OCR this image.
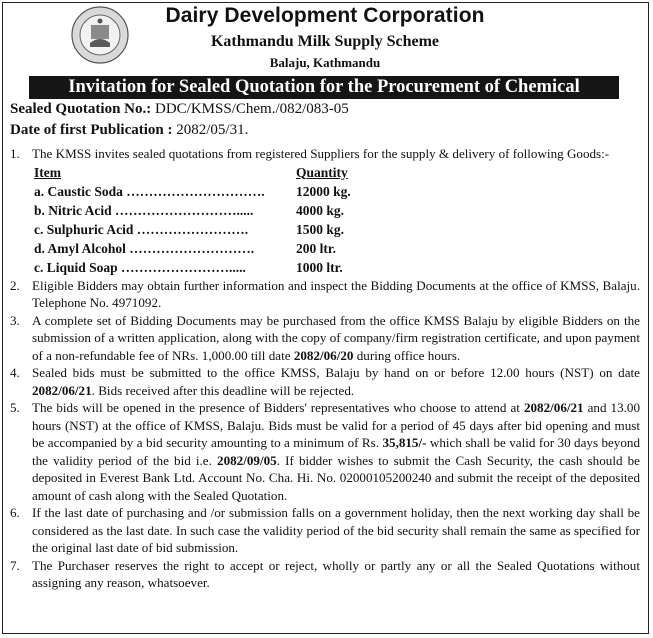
Dairy Development Corporation
Kathmandu Milk Supply Scheme
Balaju, Kathmandu
Invitation for Sealed Quotation for the Procurement of Chemical
Sealed Quotation No.: DDC/KMSS/Chem./082/083-05
Date of first Publication : 2082/05/31.
1. The KMSS invites sealed quotations from registered Suppliers for the supply & delivery of following Goods:-
Item	Quantity
a. Caustic Soda ………………………….	12000 kg.
b. Nitric Acid ……………………….....	4000 kg.
c. Sulphuric Acid …………………….	1500 kg.
d. Amyl Alcohol ……………………….	200 ltr.
c. Liquid Soap …………………….....	1000 ltr.
2. Eligible Bidders may obtain further information and inspect the Bidding Documents at the office of KMSS, Balaju. Telephone No. 4971092.
3. A complete set of Bidding Documents may be purchased from the office KMSS Balaju by eligible Bidders on the submission of a written application, along with the copy of company/firm registration certificate, and upon payment of a non-refundable fee of NRs. 1,000.00 till date 2082/06/20 during office hours.
4. Sealed bids must be submitted to the office KMSS, Balaju by hand on or before 12.00 hours (NST) on date 2082/06/21. Bids received after this deadline will be rejected.
5. The bids will be opened in the presence of Bidders' representatives who choose to attend at 2082/06/21 and 13.00 hours (NST) at the office of KMSS, Balaju. Bids must be valid for a period of 45 days after bid opening and must be accompanied by a bid security amounting to a minimum of Rs. 35,815/- which shall be valid for 30 days beyond the validity period of the bid i.e. 2082/09/05. If bidder wishes to submit the Cash Security, the cash should be deposited in Everest Bank Ltd. Account No. Cha. Hi. No. 02000105200240 and submit the receipt of the deposited amount of cash along with the Sealed Quotation.
6. If the last date of purchasing and /or submission falls on a government holiday, then the next working day shall be considered as the last date. In such case the validity period of the bid security shall remain the same as specified for the original last date of bid submission.
7. The Purchaser reserves the right to accept or reject, wholly or partly any or all the Sealed Quotations without assigning any reason, whatsoever.
